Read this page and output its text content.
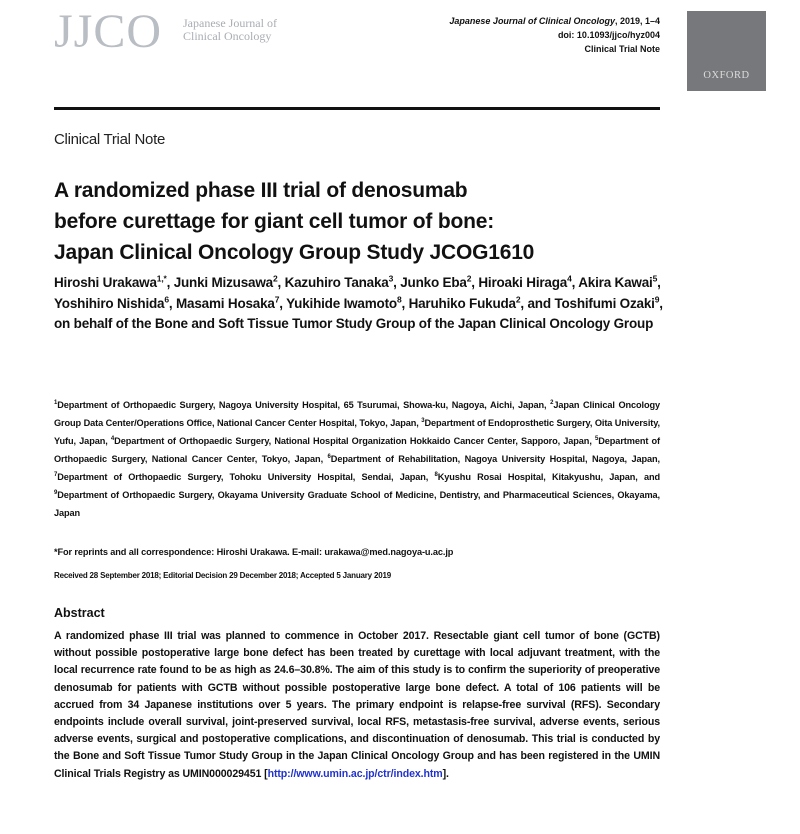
JJCO Japanese Journal of
Clinical Oncology
Japanese Journal of Clinical Oncology, 2019, 1–4
doi: 10.1093/jjco/hyz004
Clinical Trial Note
OXFORD
Clinical Trial Note
A randomized phase III trial of denosumab
before curettage for giant cell tumor of bone:
Japan Clinical Oncology Group Study JCOG1610
Hiroshi Urakawa$^{1,*}$, Junki Mizusawa$^2$, Kazuhiro Tanaka$^3$, Junko Eba$^2$, Hiroaki Hiraga$^4$, Akira Kawai$^5$, Yoshihiro Nishida$^6$, Masami Hosaka$^7$, Yukihide Iwamoto$^8$, Haruhiko Fukuda$^2$, and Toshifumi Ozaki$^9$, on behalf of the Bone and Soft Tissue Tumor Study Group of the Japan Clinical Oncology Group
$^1$Department of Orthopaedic Surgery, Nagoya University Hospital, 65 Tsurumai, Showa-ku, Nagoya, Aichi, Japan, $^2$Japan Clinical Oncology Group Data Center/Operations Office, National Cancer Center Hospital, Tokyo, Japan, $^3$Department of Endoprosthetic Surgery, Oita University, Yufu, Japan, $^4$Department of Orthopaedic Surgery, National Hospital Organization Hokkaido Cancer Center, Sapporo, Japan, $^5$Department of Orthopaedic Surgery, National Cancer Center, Tokyo, Japan, $^6$Department of Rehabilitation, Nagoya University Hospital, Nagoya, Japan, $^7$Department of Orthopaedic Surgery, Tohoku University Hospital, Sendai, Japan, $^8$Kyushu Rosai Hospital, Kitakyushu, Japan, and $^9$Department of Orthopaedic Surgery, Okayama University Graduate School of Medicine, Dentistry, and Pharmaceutical Sciences, Okayama, Japan
*For reprints and all correspondence: Hiroshi Urakawa. E-mail: urakawa@med.nagoya-u.ac.jp
Received 28 September 2018; Editorial Decision 29 December 2018; Accepted 5 January 2019
Abstract
A randomized phase III trial was planned to commence in October 2017. Resectable giant cell tumor of bone (GCTB) without possible postoperative large bone defect has been treated by curettage with local adjuvant treatment, with the local recurrence rate found to be as high as 24.6–30.8%. The aim of this study is to confirm the superiority of preoperative denosumab for patients with GCTB without possible postoperative large bone defect. A total of 106 patients will be accrued from 34 Japanese institutions over 5 years. The primary endpoint is relapse-free survival (RFS). Secondary endpoints include overall survival, joint-preserved survival, local RFS, metastasis-free survival, adverse events, serious adverse events, surgical and postoperative complications, and discontinuation of denosumab. This trial is conducted by the Bone and Soft Tissue Tumor Study Group in the Japan Clinical Oncology Group and has been registered in the UMIN Clinical Trials Registry as UMIN000029451 [http://www.umin.ac.jp/ctr/index.htm].
